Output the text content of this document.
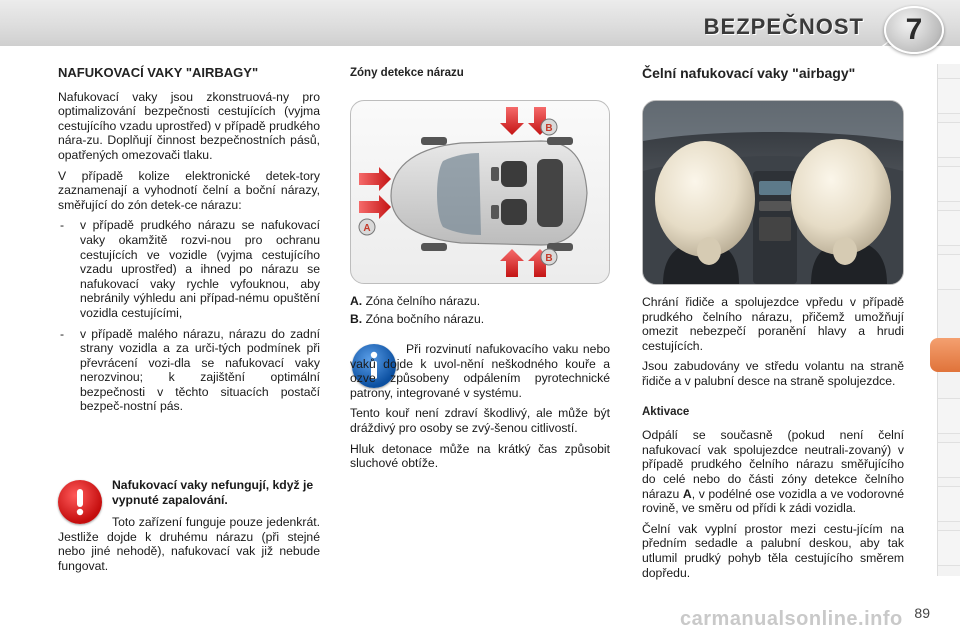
BEZPEČNOST	7
NAFUKOVACÍ VAKY "AIRBAGY"

Nafukovací vaky jsou zkonstruová-ny pro optimalizování bezpečnosti cestujících (vyjma cestujícího vzadu uprostřed) v případě prudkého nára-zu. Doplňují činnost bezpečnostních pásů, opatřených omezovači tlaku.

V případě kolize elektronické detek-tory zaznamenají a vyhodnotí čelní a boční nárazy, směřující do zón detek-ce nárazu:

- v případě prudkého nárazu se nafukovací vaky okamžitě rozvi-nou pro ochranu cestujících ve vozidle (vyjma cestujícího vzadu uprostřed) a ihned po nárazu se nafukovací vaky rychle vyfouknou, aby nebránily výhledu ani případ-nému opuštění vozidla cestujícími,
- v případě malého nárazu, nárazu do zadní strany vozidla a za urči-tých podmínek při převrácení vozi-dla se nafukovací vaky nerozvinou; k zajištění optimální bezpečnosti v těchto situacích postačí bezpeč-nostní pás.
Nafukovací vaky nefungují, když je vypnuté zapalování.

Toto zařízení funguje pouze jedenkrát. Jestliže dojde k druhému nárazu (při stejné nebo jiné nehodě), nafukovací vak již nebude fungovat.

Zóny detekce nárazu
A
B
B
A. Zóna čelního nárazu.
B. Zóna bočního nárazu.

Při rozvinutí nafukovacího vaku nebo vaků dojde k uvol-nění neškodného kouře a ozve způsobeny odpálením pyrotechnické patrony, integrované v systému.

Tento kouř není zdraví škodlivý, ale může být dráždivý pro osoby se zvý-šenou citlivostí.

Hluk detonace může na krátký čas způsobit sluchové obtíže.

Čelní nafukovací vaky "airbagy"

Chrání řidiče a spolujezdce vpředu v případě prudkého čelního nárazu, přičemž umožňují omezit nebezpečí poranění hlavy a hrudi cestujících.

Jsou zabudovány ve středu volantu na straně řidiče a v palubní desce na straně spolujezdce.

Aktivace

Odpálí se současně (pokud není čelní nafukovací vak spolujezdce neutrali-zovaný) v případě prudkého čelního nárazu směřujícího do celé nebo do části zóny detekce čelního nárazu A, v podélné ose vozidla a ve vodorovné rovině, ve směru od přídi k zádi vozidla.

Čelní vak vyplní prostor mezi cestu-jícím na předním sedadle a palubní deskou, aby tak utlumil prudký pohyb těla cestujícího směrem dopředu.

carmanualsonline.info 89
